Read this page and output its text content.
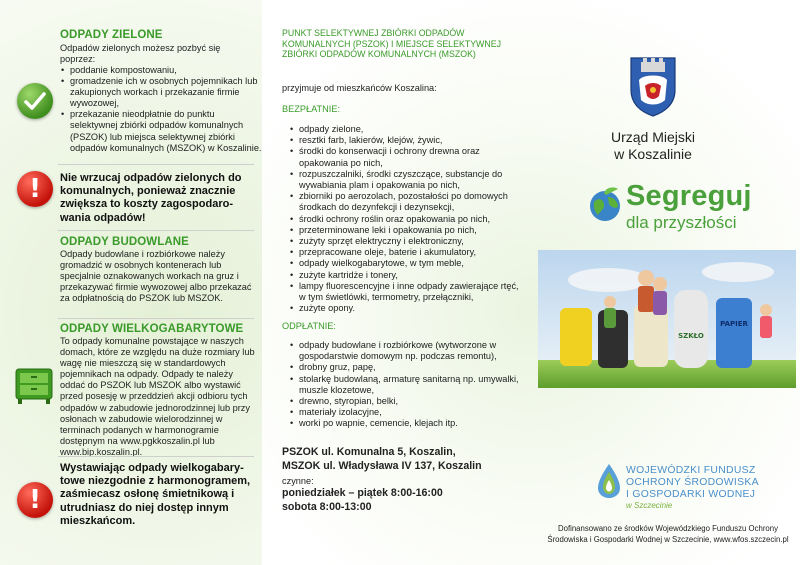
ODPADY ZIELONE
Odpadów zielonych możesz pozbyć się poprzez:
• poddanie kompostowaniu,
• gromadzenie ich w osobnych pojemnikach lub zakupionych workach i przekazanie firmie wywozowej,
• przekazanie nieodpłatnie do punktu selektywnej zbiórki odpadów komunalnych (PSZOK) lub miejsca selektywnej zbiórki odpadów komunalnych (MSZOK) w Koszalinie.
!	Nie wrzucaj odpadów zielonych do komunalnych, ponieważ znacznie zwiększa to koszty zagospodaro-wania odpadów!
ODPADY BUDOWLANE
Odpady budowlane i rozbiórkowe należy gromadzić w osobnych kontenerach lub specjalnie oznakowanych workach na gruz i przekazywać firmie wywozowej albo przekazać za odpłatnością do PSZOK lub MSZOK.
ODPADY WIELKOGABARYTOWE
To odpady komunalne powstające w naszych domach, które ze względu na duże rozmiary lub wagę nie mieszczą się w standardowych pojemnikach na odpady. Odpady te należy oddać do PSZOK lub MSZOK albo wystawić przed posesję w przeddzień akcji odbioru tych odpadów w zabudowie jednorodzinnej lub przy osłonach w zabudowie wielorodzinnej w terminach podanych w harmonogramie dostępnym na www.pgkkoszalin.pl lub www.bip.koszalin.pl.
!
Wystawiając odpady wielkogabary-towe niezgodnie z harmonogramem, zaśmiecasz osłonę śmietnikową i utrudniasz do niej dostęp innym mieszkańcom.
PUNKT SELEKTYWNEJ ZBIÓRKI ODPADÓW KOMUNALNYCH (PSZOK) I MIEJSCE SELEKTYWNEJ ZBIÓRKI ODPADÓW KOMUNALNYCH (MSZOK)
przyjmuje od mieszkańców Koszalina:
BEZPŁATNIE:
• odpady zielone,
• resztki farb, lakierów, klejów, żywic,
• środki do konserwacji i ochrony drewna oraz opakowania po nich,
• rozpuszczalniki, środki czyszczące, substancje do wywabiania plam i opakowania po nich,
• zbiorniki po aerozolach, pozostałości po domowych środkach do dezynfekcji i dezynsekcji,
• środki ochrony roślin oraz opakowania po nich,
• przeterminowane leki i opakowania po nich,
• zużyty sprzęt elektryczny i elektroniczny,
• przepracowane oleje, baterie i akumulatory,
• odpady wielkogabarytowe, w tym meble,
• zużyte kartridże i tonery,
• lampy fluorescencyjne i inne odpady zawierające rtęć, w tym świetlówki, termometry, przełączniki,
• zużyte opony.
ODPŁATNIE:
• odpady budowlane i rozbiórkowe (wytworzone w gospodarstwie domowym np. podczas remontu),
• drobny gruz, papę,
• stolarkę budowlaną, armaturę sanitarną np. umywalki, muszle klozetowe,
• drewno, styropian, belki,
• materiały izolacyjne,
• worki po wapnie, cemencie, klejach itp.
PSZOK ul. Komunalna 5, Koszalin,
MSZOK ul. Władysława IV 137, Koszalin
czynne:
poniedziałek – piątek 8:00-16:00
sobota 8:00-13:00
Urząd Miejski
w Koszalinie
Segreguj
dla przyszłości
PAPIER
SZKŁO
WOJEWÓDZKI FUNDUSZ
OCHRONY ŚRODOWISKA
I GOSPODARKI WODNEJ
w Szczecinie
Dofinansowano ze środków Wojewódzkiego Funduszu Ochrony
Środowiska i Gospodarki Wodnej w Szczecinie, www.wfos.szczecin.pl
